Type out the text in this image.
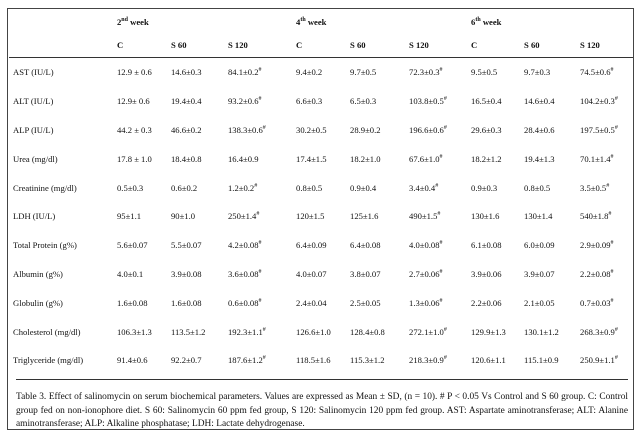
	2nd week			4th week			6th week		
	C	S 60	S 120	C	S 60	S 120	C	S 60	S 120
AST (IU/L)	12.9 ± 0.6	14.6±0.3	84.1±0.2#	9.4±0.2	9.7±0.5	72.3±0.3#	9.5±0.5	9.7±0.3	74.5±0.6#
ALT (IU/L)	12.9± 0.6	19.4±0.4	93.2±0.6#	6.6±0.3	6.5±0.3	103.8±0.5#	16.5±0.4	14.6±0.4	104.2±0.3#
ALP (IU/L)	44.2 ± 0.3	46.6±0.2	138.3±0.6#	30.2±0.5	28.9±0.2	196.6±0.6#	29.6±0.3	28.4±0.6	197.5±0.5#
Urea (mg/dl)	17.8 ± 1.0	18.4±0.8	16.4±0.9	17.4±1.5	18.2±1.0	67.6±1.0#	18.2±1.2	19.4±1.3	70.1±1.4#
Creatinine (mg/dl)	0.5±0.3	0.6±0.2	1.2±0.2#	0.8±0.5	0.9±0.4	3.4±0.4#	0.9±0.3	0.8±0.5	3.5±0.5#
LDH (IU/L)	95±1.1	90±1.0	250±1.4#	120±1.5	125±1.6	490±1.5#	130±1.6	130±1.4	540±1.8#
Total Protein (g%)	5.6±0.07	5.5±0.07	4.2±0.08#	6.4±0.09	6.4±0.08	4.0±0.08#	6.1±0.08	6.0±0.09	2.9±0.09#
Albumin (g%)	4.0±0.1	3.9±0.08	3.6±0.08#	4.0±0.07	3.8±0.07	2.7±0.06#	3.9±0.06	3.9±0.07	2.2±0.08#
Globulin (g%)	1.6±0.08	1.6±0.08	0.6±0.08#	2.4±0.04	2.5±0.05	1.3±0.06#	2.2±0.06	2.1±0.05	0.7±0.03#
Cholesterol (mg/dl)	106.3±1.3	113.5±1.2	192.3±1.1#	126.6±1.0	128.4±0.8	272.1±1.0#	129.9±1.3	130.1±1.2	268.3±0.9#
Triglyceride (mg/dl)	91.4±0.6	92.2±0.7	187.6±1.2#	118.5±1.6	115.3±1.2	218.3±0.9#	120.6±1.1	115.1±0.9	250.9±1.1#
Table 3. Effect of salinomycin on serum biochemical parameters. Values are expressed as Mean ± SD, (n = 10). # P < 0.05 Vs Control and S 60 group. C: Control group fed on non-ionophore diet. S 60: Salinomycin 60 ppm fed group, S 120: Salinomycin 120 ppm fed group. AST: Aspartate aminotransferase; ALT: Alanine aminotransferase; ALP: Alkaline phosphatase; LDH: Lactate dehydrogenase.
